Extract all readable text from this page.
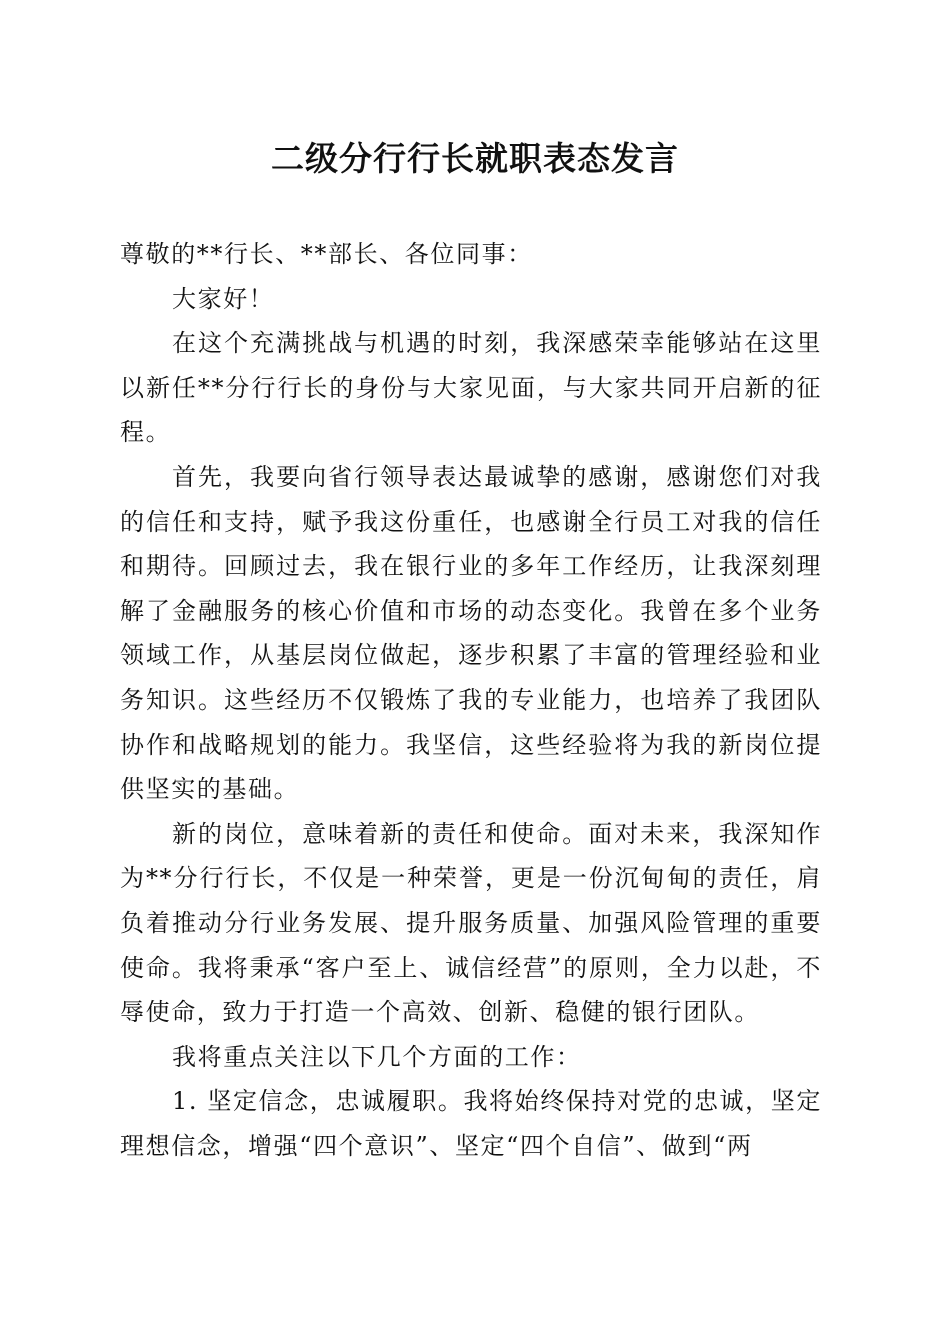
二级分行行长就职表态发言

尊敬的**行长、**部长、各位同事：

大家好！

在这个充满挑战与机遇的时刻，我深感荣幸能够站在这里以新任**分行行长的身份与大家见面，与大家共同开启新的征程。

首先，我要向省行领导表达最诚挚的感谢，感谢您们对我的信任和支持，赋予我这份重任，也感谢全行员工对我的信任和期待。回顾过去，我在银行业的多年工作经历，让我深刻理解了金融服务的核心价值和市场的动态变化。我曾在多个业务领域工作，从基层岗位做起，逐步积累了丰富的管理经验和业务知识。这些经历不仅锻炼了我的专业能力，也培养了我团队协作和战略规划的能力。我坚信，这些经验将为我的新岗位提供坚实的基础。

新的岗位，意味着新的责任和使命。面对未来，我深知作为**分行行长，不仅是一种荣誉，更是一份沉甸甸的责任，肩负着推动分行业务发展、提升服务质量、加强风险管理的重要使命。我将秉承“客户至上、诚信经营”的原则，全力以赴，不辱使命，致力于打造一个高效、创新、稳健的银行团队。

我将重点关注以下几个方面的工作：

1. 坚定信念，忠诚履职。我将始终保持对党的忠诚，坚定理想信念，增强“四个意识”、坚定“四个自信”、做到“两
